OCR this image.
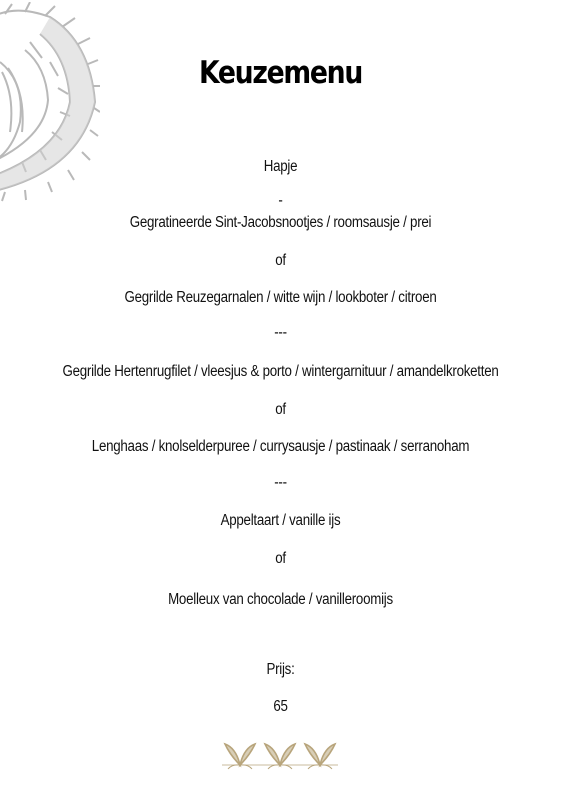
Keuzemenu
Hapje
-
Gegratineerde Sint-Jacobsnootjes / roomsausje / prei
of
Gegrilde Reuzegarnalen / witte wijn / lookboter / citroen
---
Gegrilde Hertenrugfilet / vleesjus & porto / wintergarnituur / amandelkroketten
of
Lenghaas / knolselderpuree / currysausje / pastinaak / serranoham
---
Appeltaart / vanille ijs
of
Moelleux van chocolade / vanilleroomijs
Prijs:
65
